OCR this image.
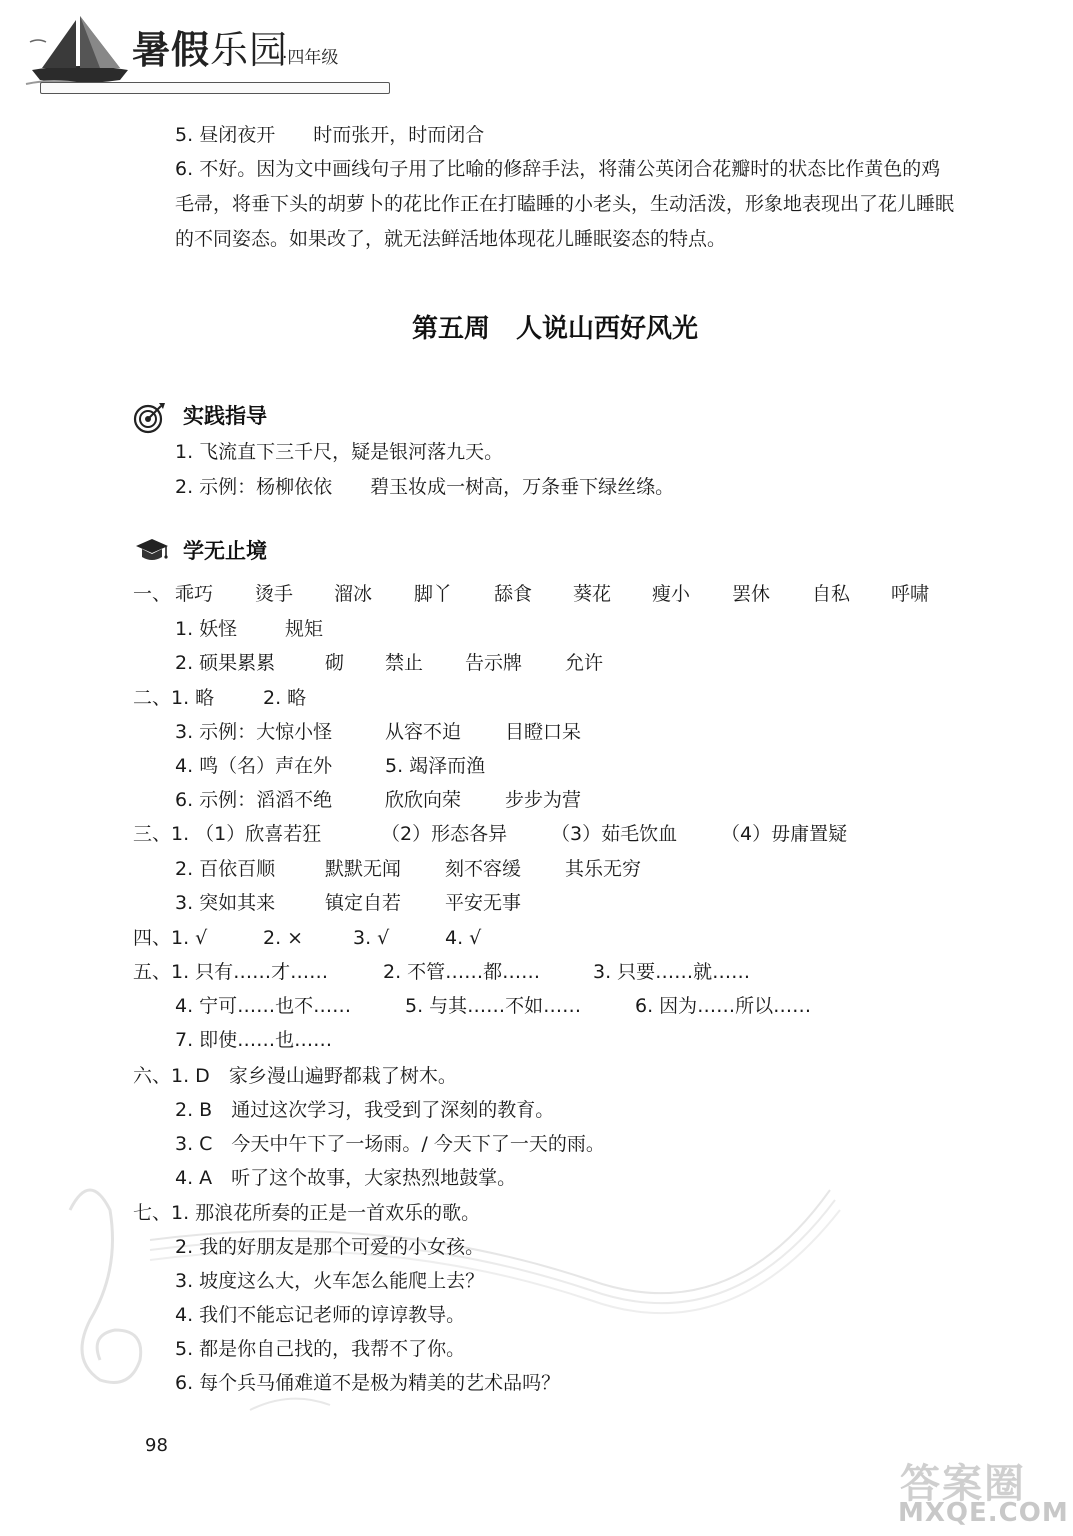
暑假乐园
·四年级
5. 昼闭夜开　　时而张开，时而闭合
6. 不好。因为文中画线句子用了比喻的修辞手法，将蒲公英闭合花瓣时的状态比作黄色的鸡
毛帚，将垂下头的胡萝卜的花比作正在打瞌睡的小老头，生动活泼，形象地表现出了花儿睡眠
的不同姿态。如果改了，就无法鲜活地体现花儿睡眠姿态的特点。
第五周　人说山西好风光
实践指导
1. 飞流直下三千尺，疑是银河落九天。
2. 示例：杨柳依依　　碧玉妆成一树高，万条垂下绿丝绦。
学无止境
一、 乖巧 烫手 溜冰 脚丫 舔食 葵花 瘦小 罢休 自私 呼啸
1. 妖怪	规矩
2. 硕果累累	砌 禁止 告示牌 允许
二、1. 略	2. 略
3. 示例：大惊小怪	从容不迫 目瞪口呆
4. 鸣（名）声在外	5. 竭泽而渔
6. 示例：滔滔不绝	欣欣向荣 步步为营
三、1. （1）欣喜若狂	（2）形态各异 （3）茹毛饮血 （4）毋庸置疑
2. 百依百顺	默默无闻 刻不容缓 其乐无穷
3. 突如其来	镇定自若 平安无事
四、1. √	2. ×	3. √	4. √
五、1. 只有……才……	2. 不管……都……	3. 只要……就……
4. 宁可……也不……	5. 与其……不如……	6. 因为……所以……
7. 即使……也……
六、1. D　家乡漫山遍野都栽了树木。
2. B　通过这次学习，我受到了深刻的教育。
3. C　今天中午下了一场雨。/ 今天下了一天的雨。
4. A　听了这个故事，大家热烈地鼓掌。
七、1. 那浪花所奏的正是一首欢乐的歌。
2. 我的好朋友是那个可爱的小女孩。
3. 坡度这么大，火车怎么能爬上去？
4. 我们不能忘记老师的谆谆教导。
5. 都是你自己找的，我帮不了你。
6. 每个兵马俑难道不是极为精美的艺术品吗？
98
答案圈
MXQE.COM
